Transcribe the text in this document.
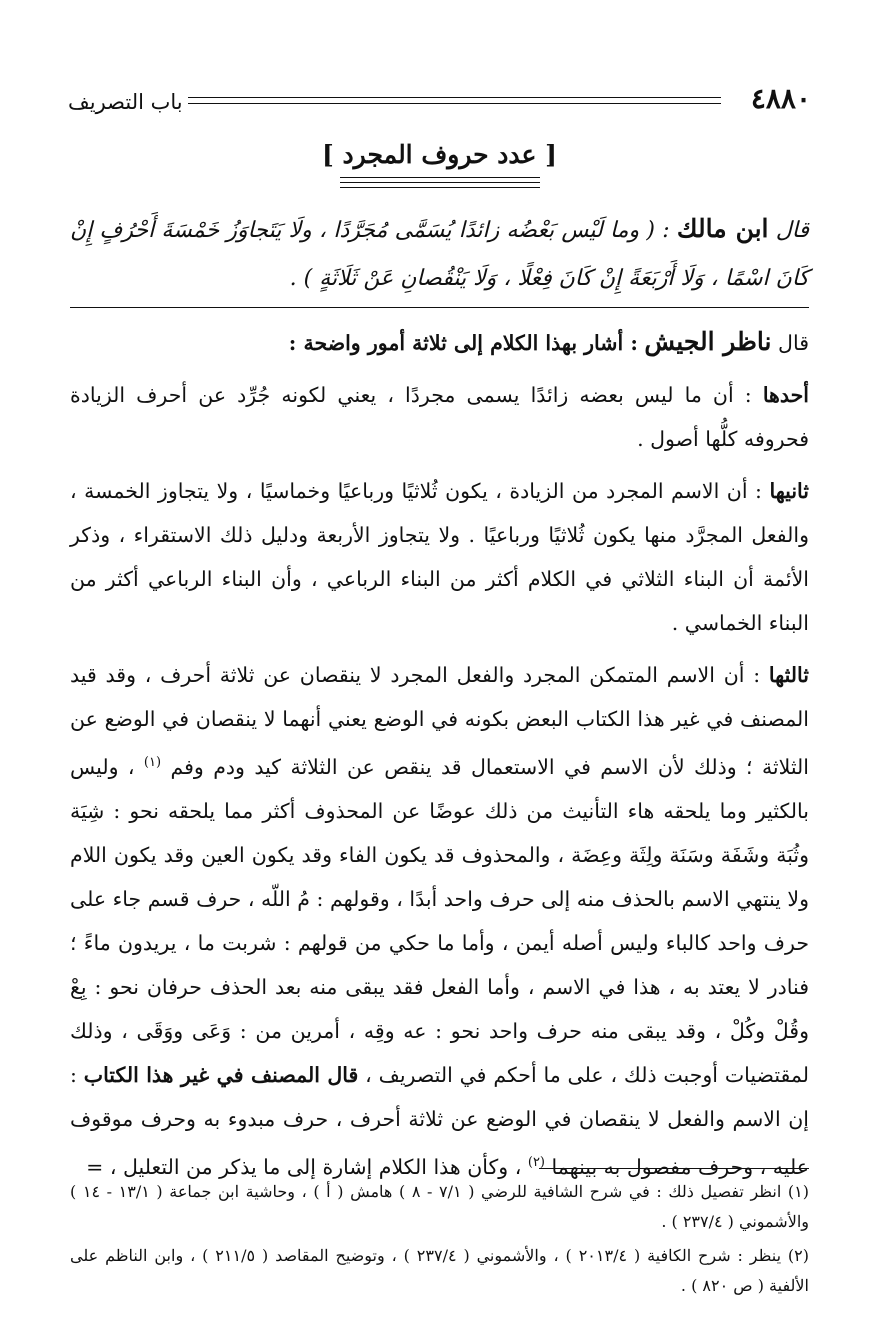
٤٨٨٠
باب التصريف
[ عدد حروف المجرد ]

قال ابن مالك : ( وما لَيْس بَعْضُه زائدًا يُسَمَّى مُجَرَّدًا ، ولَا يَتَجاوَزُ خَمْسَةَ أَحْرُفٍ إِنْ كَانَ اسْمًا ، وَلَا أَرْبَعَةً إِنْ كَانَ فِعْلًا ، وَلَا يَنْقُصانِ عَنْ ثَلَاثَةٍ ) .

قال ناظر الجيش : أشار بهذا الكلام إلى ثلاثة أمور واضحة :

أحدها : أن ما ليس بعضه زائدًا يسمى مجردًا ، يعني لكونه جُرِّد عن أحرف الزيادة فحروفه كلُّها أصول .

ثانيها : أن الاسم المجرد من الزيادة ، يكون ثُلاثيًا ورباعيًا وخماسيًا ، ولا يتجاوز الخمسة ، والفعل المجرَّد منها يكون ثُلاثيًا ورباعيًا . ولا يتجاوز الأربعة ودليل ذلك الاستقراء ، وذكر الأئمة أن البناء الثلاثي في الكلام أكثر من البناء الرباعي ، وأن البناء الرباعي أكثر من البناء الخماسي .

ثالثها : أن الاسم المتمكن المجرد والفعل المجرد لا ينقصان عن ثلاثة أحرف ، وقد قيد المصنف في غير هذا الكتاب البعض بكونه في الوضع يعني أنهما لا ينقصان في الوضع عن الثلاثة ؛ وذلك لأن الاسم في الاستعمال قد ينقص عن الثلاثة كيد ودم وفم $^{(١)}$ ، وليس بالكثير وما يلحقه هاء التأنيث من ذلك عوضًا عن المحذوف أكثر مما يلحقه نحو : شِيَة وثُبَة وشَفَة وسَنَة ولِثَة وعِضَة ، والمحذوف قد يكون الفاء وقد يكون العين وقد يكون اللام ولا ينتهي الاسم بالحذف منه إلى حرف واحد أبدًا ، وقولهم : مُ اللّه ، حرف قسم جاء على حرف واحد كالباء وليس أصله أيمن ، وأما ما حكي من قولهم : شربت ما ، يريدون ماءً ؛ فنادر لا يعتد به ، هذا في الاسم ، وأما الفعل فقد يبقى منه بعد الحذف حرفان نحو : بِعْ وقُلْ وكُلْ ، وقد يبقى منه حرف واحد نحو : عه وقِه ، أمرين من : وَعَى ووَقَى ، وذلك لمقتضيات أوجبت ذلك ، على ما أحكم في التصريف ، قال المصنف في غير هذا الكتاب : إن الاسم والفعل لا ينقصان في الوضع عن ثلاثة أحرف ، حرف مبدوء به وحرف موقوف عليه ، وحرف مفصول به بينهما $^{(٢)}$ ، وكأن هذا الكلام إشارة إلى ما يذكر من التعليل ، =

(١) انظر تفصيل ذلك : في شرح الشافية للرضي ( ٧/١ - ٨ ) هامش ( أ ) ، وحاشية ابن جماعة ( ١٣/١ - ١٤ ) والأشموني ( ٢٣٧/٤ ) .

(٢) ينظر : شرح الكافية ( ٢٠١٣/٤ ) ، والأشموني ( ٢٣٧/٤ ) ، وتوضيح المقاصد ( ٢١١/٥ ) ، وابن الناظم على الألفية ( ص ٨٢٠ ) .
